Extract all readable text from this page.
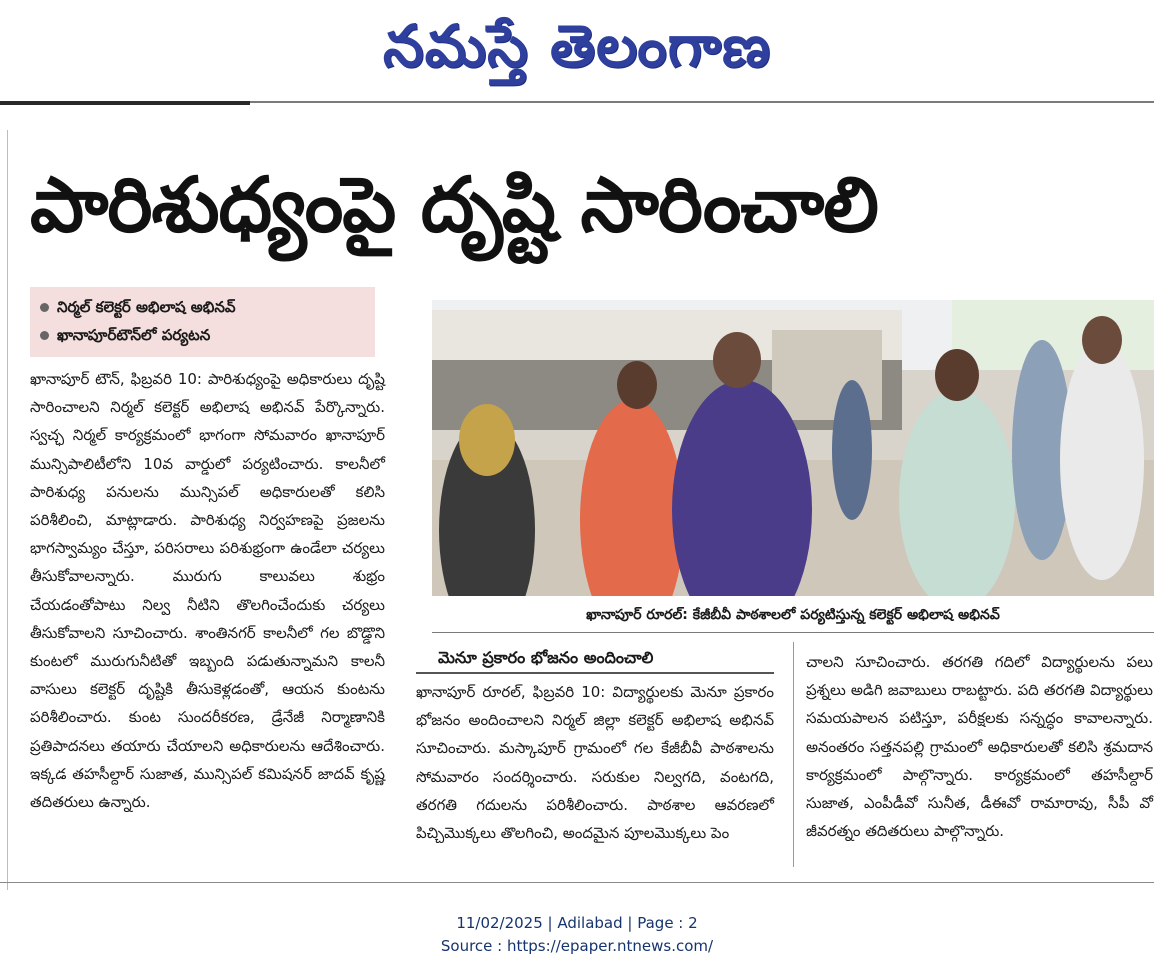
నమస్తే తెలంగాణ
పారిశుధ్యంపై దృష్టి సారించాలి
నిర్మల్ కలెక్టర్ అభిలాష అభినవ్
ఖానాపూర్‌టౌన్‌లో పర్యటన

ఖానాపూర్ టౌన్, ఫిబ్రవరి 10: పారిశుధ్యంపై అధికారులు దృష్టి సారించాలని నిర్మల్ కలెక్టర్ అభిలాష అభినవ్ పేర్కొన్నారు. స్వచ్ఛ నిర్మల్ కార్యక్రమంలో భాగంగా సోమవారం ఖానాపూర్ మున్సిపాలిటీలోని 10వ వార్డులో పర్యటించారు. కాలనీలో పారిశుధ్య పనులను మున్సిపల్ అధికారులతో కలిసి పరిశీలించి, మాట్లాడారు. పారిశుధ్య నిర్వహణపై ప్రజలను భాగస్వామ్యం చేస్తూ, పరిసరాలు పరిశుభ్రంగా ఉండేలా చర్యలు తీసుకోవాలన్నారు. మురుగు కాలువలు శుభ్రం చేయడంతోపాటు నిల్వ నీటిని తొలగించేందుకు చర్యలు తీసుకోవాలని సూచించారు. శాంతినగర్ కాలనీలో గల బొడ్డొని కుంటలో మురుగునీటితో ఇబ్బంది పడుతున్నామని కాలనీ వాసులు కలెక్టర్ దృష్టికి తీసుకెళ్లడంతో, ఆయన కుంటను పరిశీలించారు. కుంట సుందరీకరణ, డ్రేనేజీ నిర్మాణానికి ప్రతిపాదనలు తయారు చేయాలని అధికారులను ఆదేశించారు. ఇక్కడ తహసీల్దార్ సుజాత, మున్సిపల్ కమిషనర్ జాదవ్ కృష్ణ తదితరులు ఉన్నారు.

ఖానాపూర్ రూరల్: కేజీబీవీ పాఠశాలలో పర్యటిస్తున్న కలెక్టర్ అభిలాష అభినవ్
మెనూ ప్రకారం భోజనం అందించాలి

ఖానాపూర్ రూరల్, ఫిబ్రవరి 10: విద్యార్థులకు మెనూ ప్రకారం భోజనం అందించాలని నిర్మల్ జిల్లా కలెక్టర్ అభిలాష అభినవ్ సూచించారు. మస్కాపూర్ గ్రామంలో గల కేజీబీవీ పాఠశాలను సోమవారం సందర్శించారు. సరుకుల నిల్వగది, వంటగది, తరగతి గదులను పరిశీలించారు. పాఠశాల ఆవరణలో పిచ్చిమొక్కలు తొలగించి, అందమైన పూలమొక్కలు పెం

చాలని సూచించారు. తరగతి గదిలో విద్యార్థులను పలు ప్రశ్నలు అడిగి జవాబులు రాబట్టారు. పది తరగతి విద్యార్థులు సమయపాలన పటిస్తూ, పరీక్షలకు సన్నద్ధం కావాలన్నారు. అనంతరం సత్తనపల్లి గ్రామంలో అధికారులతో కలిసి శ్రమదాన కార్యక్రమంలో పాల్గొన్నారు. కార్యక్రమంలో తహసీల్దార్ సుజాత, ఎంపీడీవో సునీత, డీఈవో రామారావు, సీపీ వో జీవరత్నం తదితరులు పాల్గొన్నారు.

11/02/2025 | Adilabad | Page : 2
Source : https://epaper.ntnews.com/
